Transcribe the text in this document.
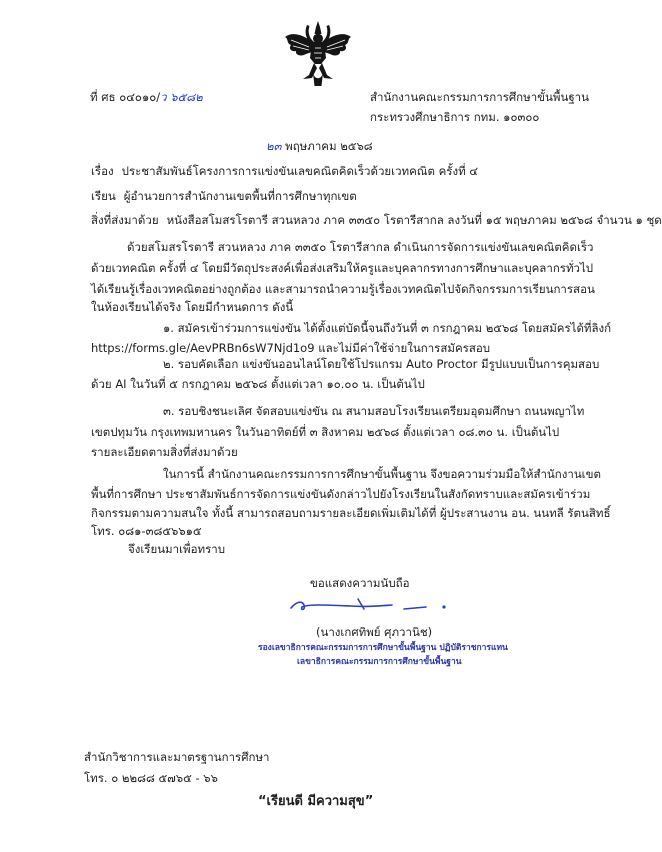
ที่ ศธ ๐๔๐๑๐/ว ๖๕๘๒	สำนักงานคณะกรรมการการศึกษาขั้นพื้นฐาน
กระทรวงศึกษาธิการ กทม. ๑๐๓๐๐
๒๓ พฤษภาคม ๒๕๖๘
เรื่อง ประชาสัมพันธ์โครงการการแข่งขันเลขคณิตคิดเร็วด้วยเวทคณิต ครั้งที่ ๔
เรียน ผู้อำนวยการสำนักงานเขตพื้นที่การศึกษาทุกเขต
สิ่งที่ส่งมาด้วย หนังสือสโมสรโรตารี สวนหลวง ภาค ๓๓๕๐ โรตารีสากล ลงวันที่ ๑๕ พฤษภาคม ๒๕๖๘ จำนวน ๑ ชุด
ด้วยสโมสรโรตารี สวนหลวง ภาค ๓๓๕๐ โรตารีสากล ดำเนินการจัดการแข่งขันเลขคณิตคิดเร็ว
ด้วยเวทคณิต ครั้งที่ ๔ โดยมีวัตถุประสงค์เพื่อส่งเสริมให้ครูและบุคลากรทางการศึกษาและบุคลากรทั่วไป
ได้เรียนรู้เรื่องเวทคณิตอย่างถูกต้อง และสามารถนำความรู้เรื่องเวทคณิตไปจัดกิจกรรมการเรียนการสอน
ในห้องเรียนได้จริง โดยมีกำหนดการ ดังนี้
๑. สมัครเข้าร่วมการแข่งขัน ได้ตั้งแต่บัดนี้จนถึงวันที่ ๓ กรกฎาคม ๒๕๖๘ โดยสมัครได้ที่ลิงก์
https://forms.gle/AevPRBn6sW7Njd1o9 และไม่มีค่าใช้จ่ายในการสมัครสอบ
๒. รอบคัดเลือก แข่งขันออนไลน์โดยใช้โปรแกรม Auto Proctor มีรูปแบบเป็นการคุมสอบ
ด้วย AI ในวันที่ ๕ กรกฎาคม ๒๕๖๘ ตั้งแต่เวลา ๑๐.๐๐ น. เป็นต้นไป
๓. รอบชิงชนะเลิศ จัดสอบแข่งขัน ณ สนามสอบโรงเรียนเตรียมอุดมศึกษา ถนนพญาไท
เขตปทุมวัน กรุงเทพมหานคร ในวันอาทิตย์ที่ ๓ สิงหาคม ๒๕๖๘ ตั้งแต่เวลา ๐๘.๓๐ น. เป็นต้นไป
รายละเอียดตามสิ่งที่ส่งมาด้วย
ในการนี้ สำนักงานคณะกรรมการการศึกษาขั้นพื้นฐาน จึงขอความร่วมมือให้สำนักงานเขต
พื้นที่การศึกษา ประชาสัมพันธ์การจัดการแข่งขันดังกล่าวไปยังโรงเรียนในสังกัดทราบและสมัครเข้าร่วม
กิจกรรมตามความสนใจ ทั้งนี้ สามารถสอบถามรายละเอียดเพิ่มเติมได้ที่ ผู้ประสานงาน อน. นนทลี รัตนสิทธิ์
โทร. ๐๘๑-๓๘๕๖๖๑๕
จึงเรียนมาเพื่อทราบ
ขอแสดงความนับถือ
(นางเกศทิพย์ ศุภวานิช)
รองเลขาธิการคณะกรรมการการศึกษาขั้นพื้นฐาน ปฏิบัติราชการแทน
เลขาธิการคณะกรรมการการศึกษาขั้นพื้นฐาน
สำนักวิชาการและมาตรฐานการศึกษา
โทร. ๐ ๒๒๘๘ ๕๗๖๕ - ๖๖
“เรียนดี มีความสุข”
